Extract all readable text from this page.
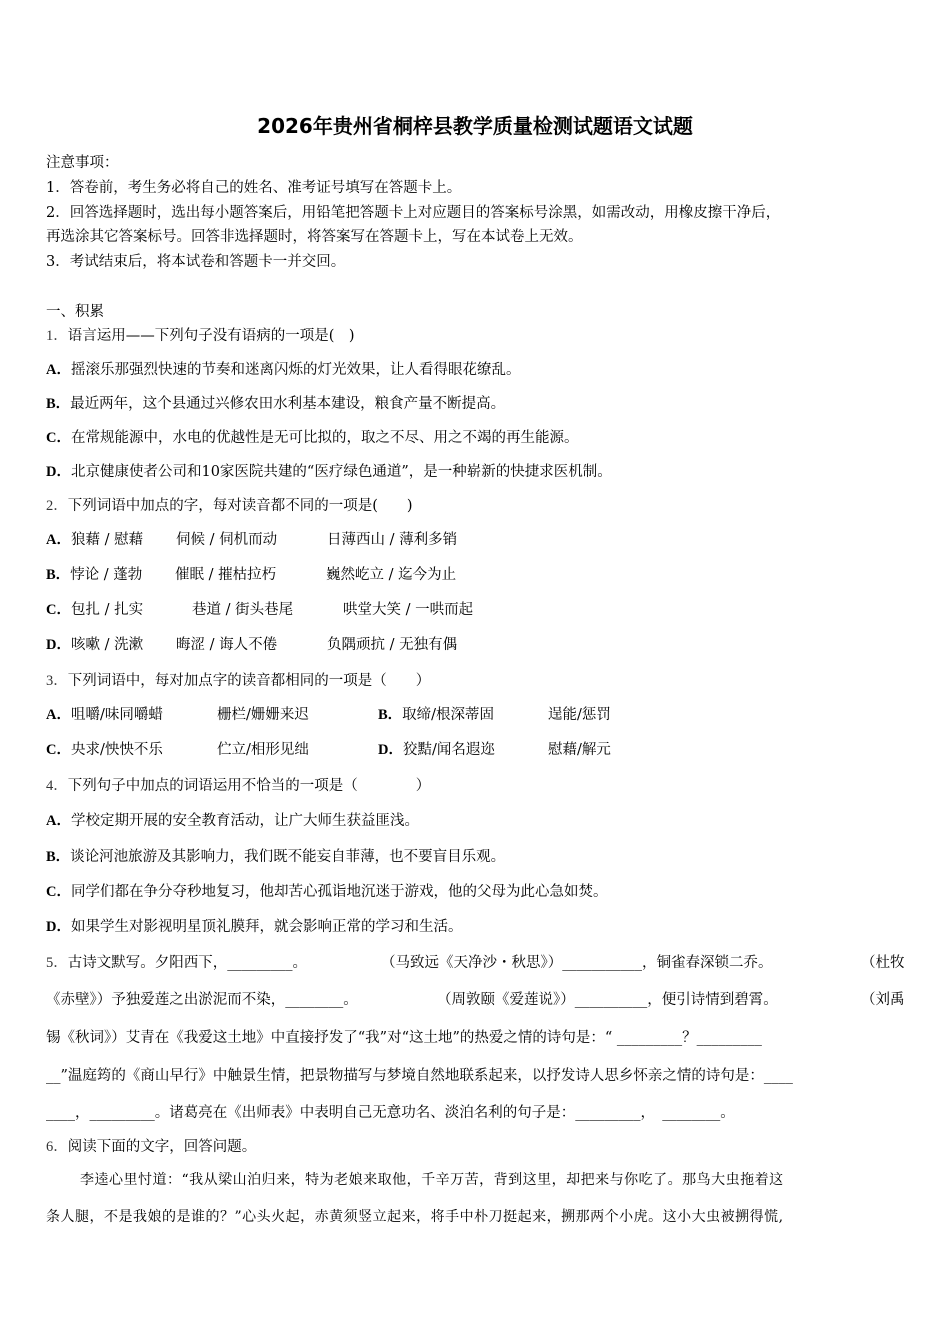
2026年贵州省桐梓县教学质量检测试题语文试题
注意事项：
1．答卷前，考生务必将自己的姓名、准考证号填写在答题卡上。
2．回答选择题时，选出每小题答案后，用铅笔把答题卡上对应题目的答案标号涂黑，如需改动，用橡皮擦干净后，
再选涂其它答案标号。回答非选择题时，将答案写在答题卡上，写在本试卷上无效。
3．考试结束后，将本试卷和答题卡一并交回。
一、积累
1．语言运用——下列句子没有语病的一项是(　)
A．摇滚乐那强烈快速的节奏和迷离闪烁的灯光效果，让人看得眼花缭乱。
B．最近两年，这个县通过兴修农田水利基本建设，粮食产量不断提高。
C．在常规能源中，水电的优越性是无可比拟的，取之不尽、用之不竭的再生能源。
D．北京健康使者公司和10家医院共建的“医疗绿色通道”，是一种崭新的快捷求医机制。
2．下列词语中加点的字，每对读音都不同的一项是(　　)
A．狼藉 / 慰藉 伺候 / 伺机而动	日薄西山 / 薄利多销
B．悖论 / 蓬勃 催眠 / 摧枯拉朽	巍然屹立 / 迄今为止
C．包扎 / 扎实	巷道 / 街头巷尾	哄堂大笑 / 一哄而起
D．咳嗽 / 洗漱 晦涩 / 诲人不倦	负隅顽抗 / 无独有偶
3．下列词语中，每对加点字的读音都相同的一项是（　　）
A．咀嚼/味同嚼蜡	栅栏/姗姗来迟	B．取缔/根深蒂固	逞能/惩罚
C．央求/怏怏不乐	伫立/相形见绌	D．狡黠/闻名遐迩	慰藉/解元
4．下列句子中加点的词语运用不恰当的一项是（　　　　）
A．学校定期开展的安全教育活动，让广大师生获益匪浅。
B．谈论河池旅游及其影响力，我们既不能妄自菲薄，也不要盲目乐观。
C．同学们都在争分夺秒地复习，他却苦心孤诣地沉迷于游戏，他的父母为此心急如焚。
D．如果学生对影视明星顶礼膜拜，就会影响正常的学习和生活。
5．古诗文默写。夕阳西下，_________。	（马致远《天净沙・秋思》）___________，铜雀春深锁二乔。	（杜牧
《赤壁》）予独爱莲之出淤泥而不染，________。	（周敦颐《爱莲说》）__________，便引诗情到碧霄。	（刘禹
锡《秋词》）艾青在《我爱这土地》中直接抒发了“我”对“这土地”的热爱之情的诗句是：“ _________？_________
__”温庭筠的《商山早行》中触景生情，把景物描写与梦境自然地联系起来，以抒发诗人思乡怀亲之情的诗句是：____
____，_________。诸葛亮在《出师表》中表明自己无意功名、淡泊名利的句子是：_________，　________。
6．阅读下面的文字，回答问题。
李逵心里忖道：“我从梁山泊归来，特为老娘来取他，千辛万苦，背到这里，却把来与你吃了。那鸟大虫拖着这
条人腿，不是我娘的是谁的？”心头火起，赤黄须竖立起来，将手中朴刀挺起来，搠那两个小虎。这小大虫被搠得慌,
